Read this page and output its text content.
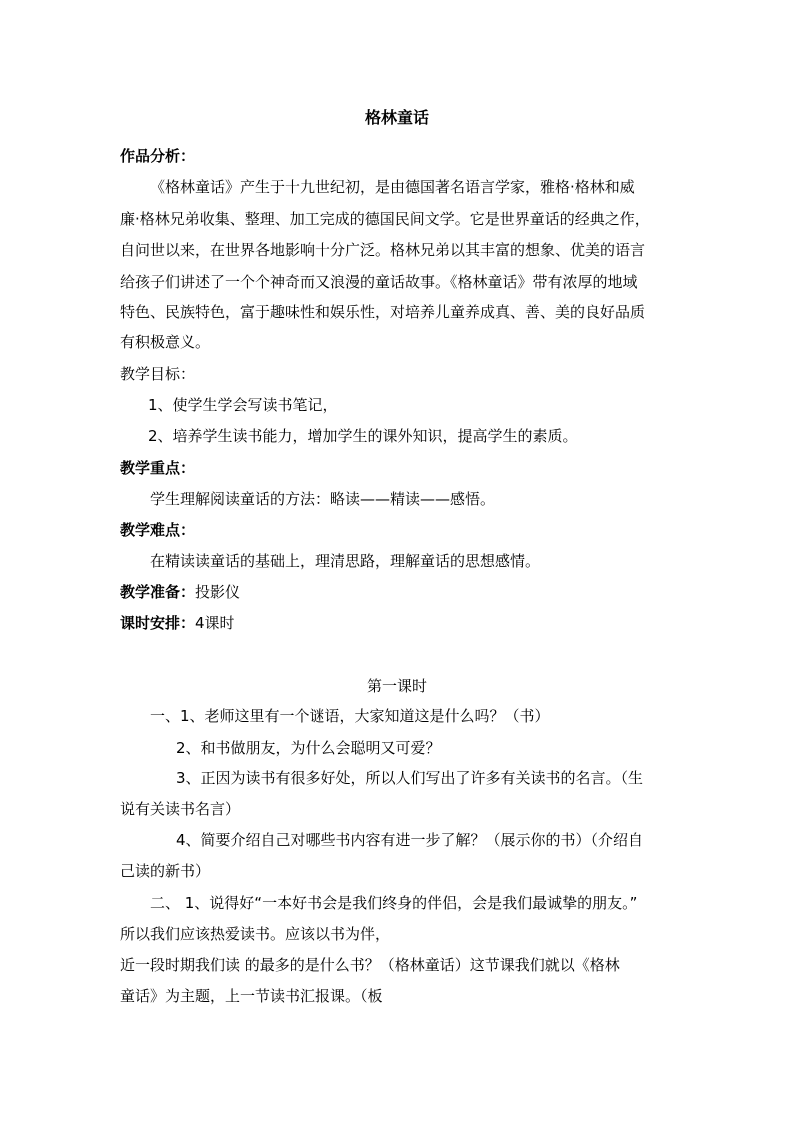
格林童话
作品分析：
《格林童话》产生于十九世纪初，是由德国著名语言学家，雅格·格林和威
廉·格林兄弟收集、整理、加工完成的德国民间文学。它是世界童话的经典之作，
自问世以来，在世界各地影响十分广泛。格林兄弟以其丰富的想象、优美的语言
给孩子们讲述了一个个神奇而又浪漫的童话故事。《格林童话》带有浓厚的地域
特色、民族特色，富于趣味性和娱乐性，对培养儿童养成真、善、美的良好品质
有积极意义。
教学目标：
1、使学生学会写读书笔记，
2、培养学生读书能力，增加学生的课外知识，提高学生的素质。
教学重点：
学生理解阅读童话的方法：略读——精读——感悟。
教学难点：
在精读读童话的基础上，理清思路，理解童话的思想感情。
教学准备：投影仪
课时安排：4课时
第一课时
一、1、老师这里有一个谜语，大家知道这是什么吗？（书）
2、和书做朋友，为什么会聪明又可爱？
3、正因为读书有很多好处，所以人们写出了许多有关读书的名言。（生
说有关读书名言）
4、简要介绍自己对哪些书内容有进一步了解？（展示你的书）（介绍自
己读的新书）
二、 1、说得好“一本好书会是我们终身的伴侣，会是我们最诚挚的朋友。”
所以我们应该热爱读书。应该以书为伴，
近一段时期我们读 的最多的是什么书？（格林童话）这节课我们就以《格林
童话》为主题，上一节读书汇报课。（板
